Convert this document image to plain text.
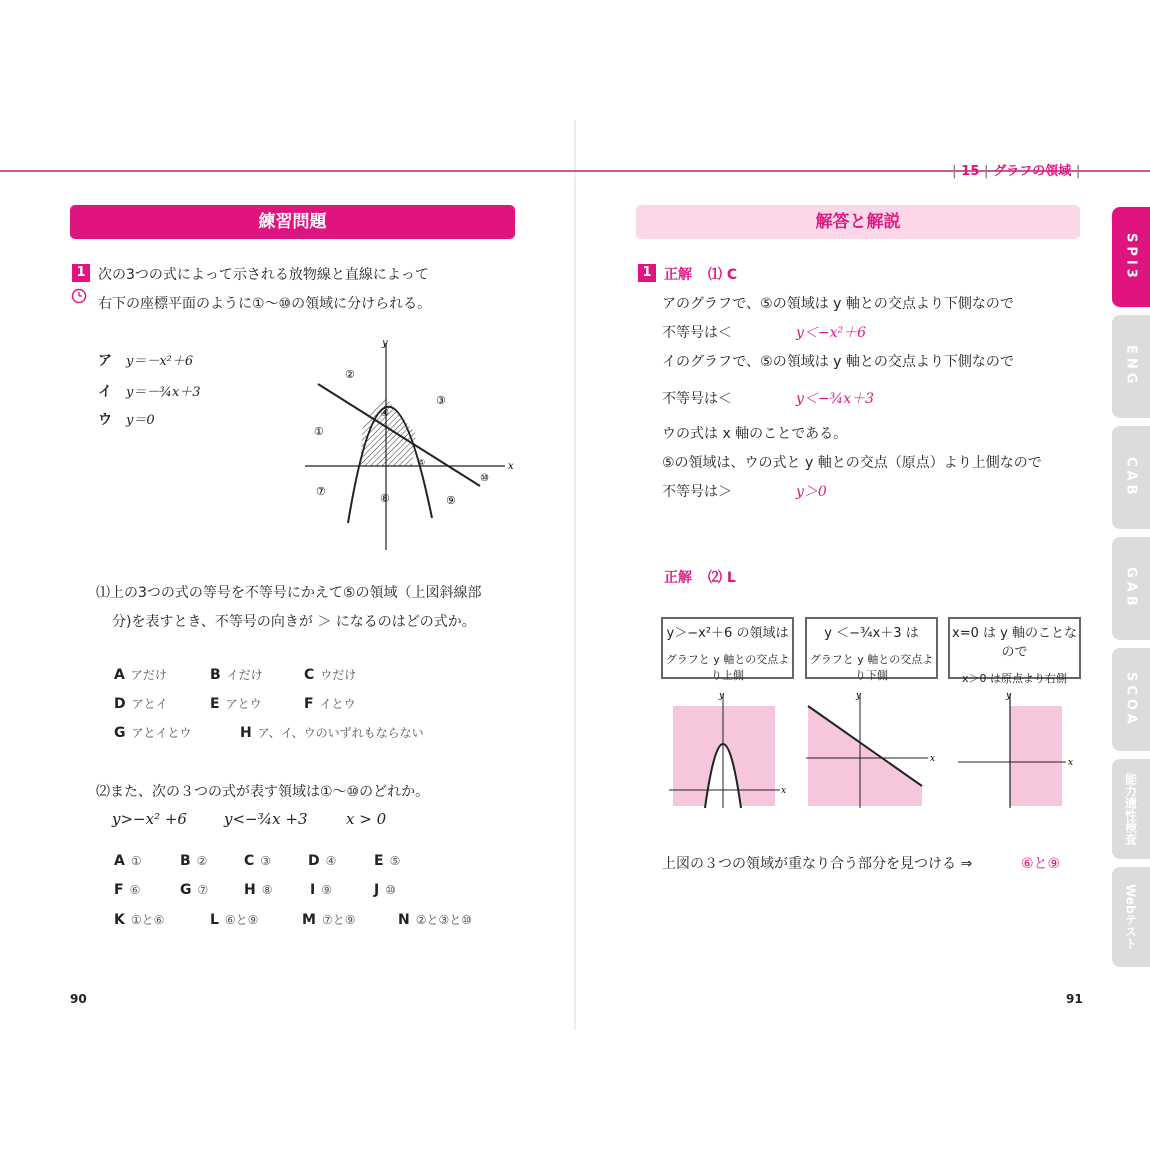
| 15 | グラフの領域 |
練習問題
1 次の3つの式によって示される放物線と直線によって
右下の座標平面のように①～⑩の領域に分けられる。
ア y＝－x²＋6
イ y＝－¾x＋3
ウ y＝0
y
x
②
③
①
④
⑤
⑩
⑦
⑧	⑨
⑴上の3つの式の等号を不等号にかえて⑤の領域（上図斜線部
分)を表すとき、不等号の向きが ＞ になるのはどの式か。
A アだけ	B イだけ	C ウだけ
D アとイ	E アとウ	F イとウ
G アとイとウ	H ア、イ、ウのいずれもならない
⑵また、次の３つの式が表す領域は①～⑩のどれか。
y>−x² +6 y<−¾x +3	x > 0
A ①	B ②	C ③	D ④	E ⑤
F ⑥	G ⑦	H ⑧	I ⑨	J ⑩
K ①と⑥	L ⑥と⑨	M ⑦と⑨	N ②と③と⑩
90
解答と解説
1 正解 ⑴ C
アのグラフで、⑤の領域は y 軸との交点より下側なので
不等号は＜	y＜−x²＋6
イのグラフで、⑤の領域は y 軸との交点より下側なので
不等号は＜	y＜−¾x＋3
ウの式は x 軸のことである。
⑤の領域は、ウの式と y 軸との交点（原点）より上側なので
不等号は＞	y＞0
正解 ⑵ L
y＞−x²＋6 の領域は
グラフと y 軸との交点より上側
y ＜−¾x＋3 は
グラフと y 軸との交点より下側
x=0 は y 軸のことなので
x＞0 は原点より右側
y
x
y
x
y
x
上図の３つの領域が重なり合う部分を見つける ⇒	⑥と⑨
91
SPI3
ENG
CAB
GAB
SCOA
能力適性検査
Webテスト
